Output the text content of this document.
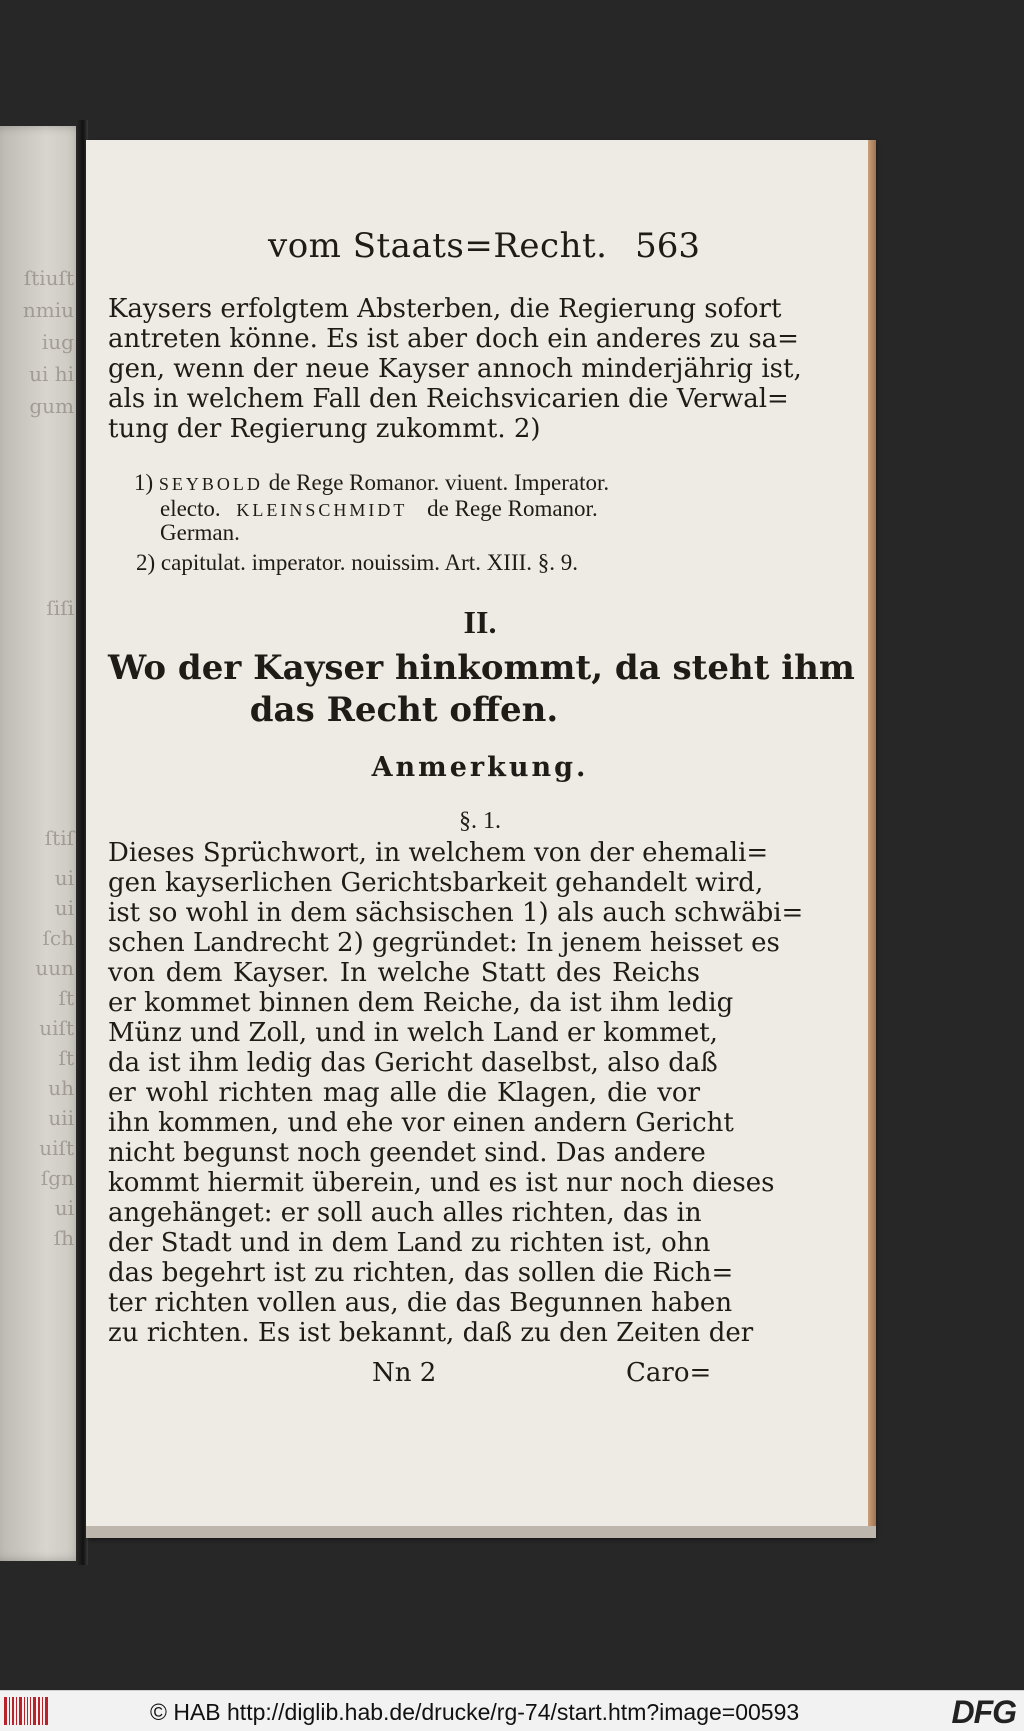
ſtiuſt
nmiu
iug
ui hi
gum
ſiſi
ſtiſ
ui
ui
ſch
uun
ſt
uiſt
ſt
uh
uii
uiſt
ſgn
ui
ſh
vom Staats=Recht. 563
Kaysers erfolgtem Absterben, die Regierung sofort
antreten könne. Es ist aber doch ein anderes zu sa=
gen, wenn der neue Kayser annoch minderjährig ist,
als in welchem Fall den Reichsvicarien die Verwal=
tung der Regierung zukommt. 2)
1) SEYBOLD de Rege Romanor. viuent. Imperator.
electo. KLEINSCHMIDT de Rege Romanor.
German.
2) capitulat. imperator. nouissim. Art. XIII. §. 9.
II.
Wo der Kayser hinkommt, da steht ihm
das Recht offen.
Anmerkung.
§. 1.
Dieses Sprüchwort, in welchem von der ehemali=
gen kayserlichen Gerichtsbarkeit gehandelt wird,
ist so wohl in dem sächsischen 1) als auch schwäbi=
schen Landrecht 2) gegründet: In jenem heisset es
von dem Kayser. In welche Statt des Reichs
er kommet binnen dem Reiche, da ist ihm ledig
Münz und Zoll, und in welch Land er kommet,
da ist ihm ledig das Gericht daselbst, also daß
er wohl richten mag alle die Klagen, die vor
ihn kommen, und ehe vor einen andern Gericht
nicht begunst noch geendet sind. Das andere
kommt hiermit überein, und es ist nur noch dieses
angehänget: er soll auch alles richten, das in
der Stadt und in dem Land zu richten ist, ohn
das begehrt ist zu richten, das sollen die Rich=
ter richten vollen aus, die das Begunnen haben
zu richten. Es ist bekannt, daß zu den Zeiten der
Nn 2	Caro=
© HAB http://diglib.hab.de/drucke/rg-74/start.htm?image=00593	DFG
